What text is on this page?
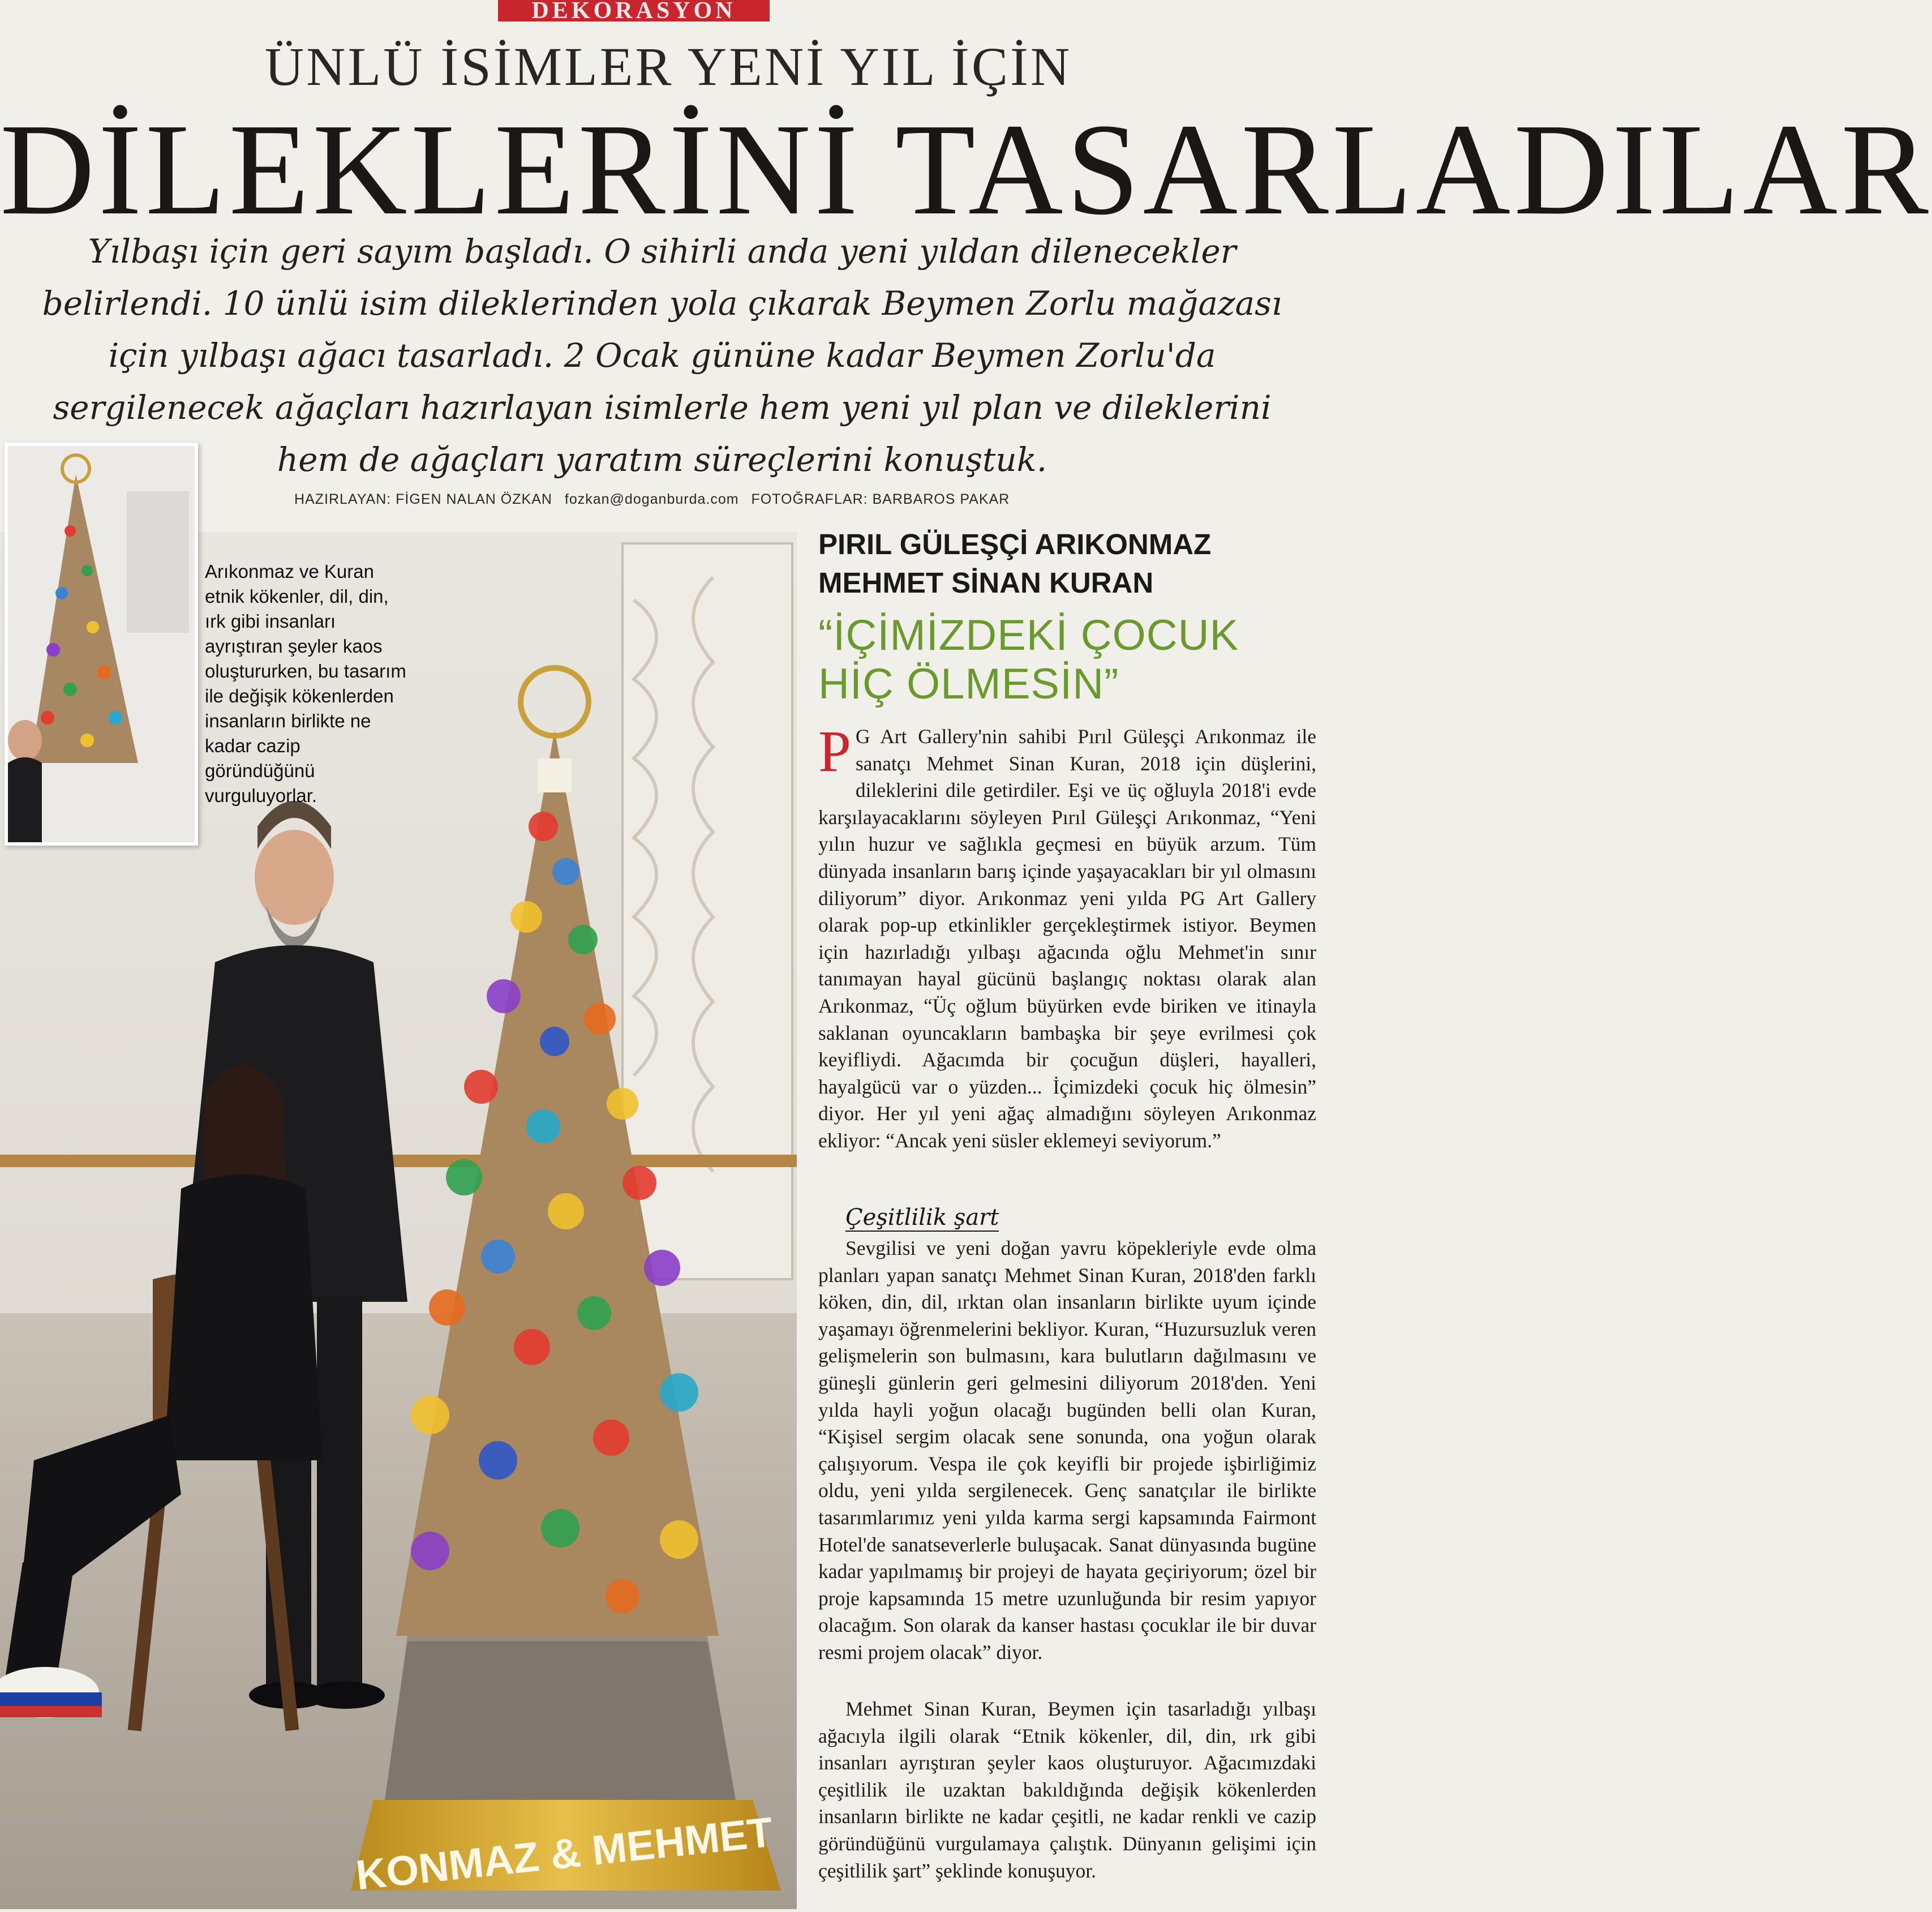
DEKORASYON
ÜNLÜ İSİMLER YENİ YIL İÇİN
DİLEKLERİNİ TASARLADILAR
Yılbaşı için geri sayım başladı. O sihirli anda yeni yıldan dilenecekler belirlendi. 10 ünlü isim dileklerinden yola çıkarak Beymen Zorlu mağazası için yılbaşı ağacı tasarladı. 2 Ocak gününe kadar Beymen Zorlu'da sergilenecek ağaçları hazırlayan isimlerle hem yeni yıl plan ve dileklerini hem de ağaçları yaratım süreçlerini konuştuk.
HAZIRLAYAN: FİGEN NALAN ÖZKAN fozkan@doganburda.com FOTOĞRAFLAR: BARBAROS PAKAR
KONMAZ & MEHMET
Arıkonmaz ve Kuran etnik kökenler, dil, din, ırk gibi insanları ayrıştıran şeyler kaos oluştururken, bu tasarım ile değişik kökenlerden insanların birlikte ne kadar cazip göründüğünü vurguluyorlar.
PIRIL GÜLEŞÇİ ARIKONMAZ
MEHMET SİNAN KURAN
“İÇİMİZDEKİ ÇOCUK HİÇ ÖLMESİN”
PG Art Gallery'nin sahibi Pırıl Güleşçi Arıkonmaz ile sanatçı Mehmet Sinan Kuran, 2018 için düşlerini, dileklerini dile getirdiler. Eşi ve üç oğluyla 2018'i evde karşılayacaklarını söyleyen Pırıl Güleşçi Arıkonmaz, “Yeni yılın huzur ve sağlıkla geçmesi en büyük arzum. Tüm dünyada insanların barış içinde yaşayacakları bir yıl olmasını diliyorum” diyor. Arıkonmaz yeni yılda PG Art Gallery olarak pop-up etkinlikler gerçekleştirmek istiyor. Beymen için hazırladığı yılbaşı ağacında oğlu Mehmet'in sınır tanımayan hayal gücünü başlangıç noktası olarak alan Arıkonmaz, “Üç oğlum büyürken evde biriken ve itinayla saklanan oyuncakların bambaşka bir şeye evrilmesi çok keyifliydi. Ağacımda bir çocuğun düşleri, hayalleri, hayalgücü var o yüzden... İçimizdeki çocuk hiç ölmesin” diyor. Her yıl yeni ağaç almadığını söyleyen Arıkonmaz ekliyor: “Ancak yeni süsler eklemeyi seviyorum.”
Çeşitlilik şart
Sevgilisi ve yeni doğan yavru köpekleriyle evde olma planları yapan sanatçı Mehmet Sinan Kuran, 2018'den farklı köken, din, dil, ırktan olan insanların birlikte uyum içinde yaşamayı öğrenmelerini bekliyor. Kuran, “Huzursuzluk veren gelişmelerin son bulmasını, kara bulutların dağılmasını ve güneşli günlerin geri gelmesini diliyorum 2018'den. Yeni yılda hayli yoğun olacağı bugünden belli olan Kuran, “Kişisel sergim olacak sene sonunda, ona yoğun olarak çalışıyorum. Vespa ile çok keyifli bir projede işbirliğimiz oldu, yeni yılda sergilenecek. Genç sanatçılar ile birlikte tasarımlarımız yeni yılda karma sergi kapsamında Fairmont Hotel'de sanatseverlerle buluşacak. Sanat dünyasında bugüne kadar yapılmamış bir projeyi de hayata geçiriyorum; özel bir proje kapsamında 15 metre uzunluğunda bir resim yapıyor olacağım. Son olarak da kanser hastası çocuklar ile bir duvar resmi projem olacak” diyor.
Mehmet Sinan Kuran, Beymen için tasarladığı yılbaşı ağacıyla ilgili olarak “Etnik kökenler, dil, din, ırk gibi insanları ayrıştıran şeyler kaos oluşturuyor. Ağacımızdaki çeşitlilik ile uzaktan bakıldığında değişik kökenlerden insanların birlikte ne kadar çeşitli, ne kadar renkli ve cazip göründüğünü vurgulamaya çalıştık. Dünyanın gelişimi için çeşitlilik şart” şeklinde konuşuyor.
